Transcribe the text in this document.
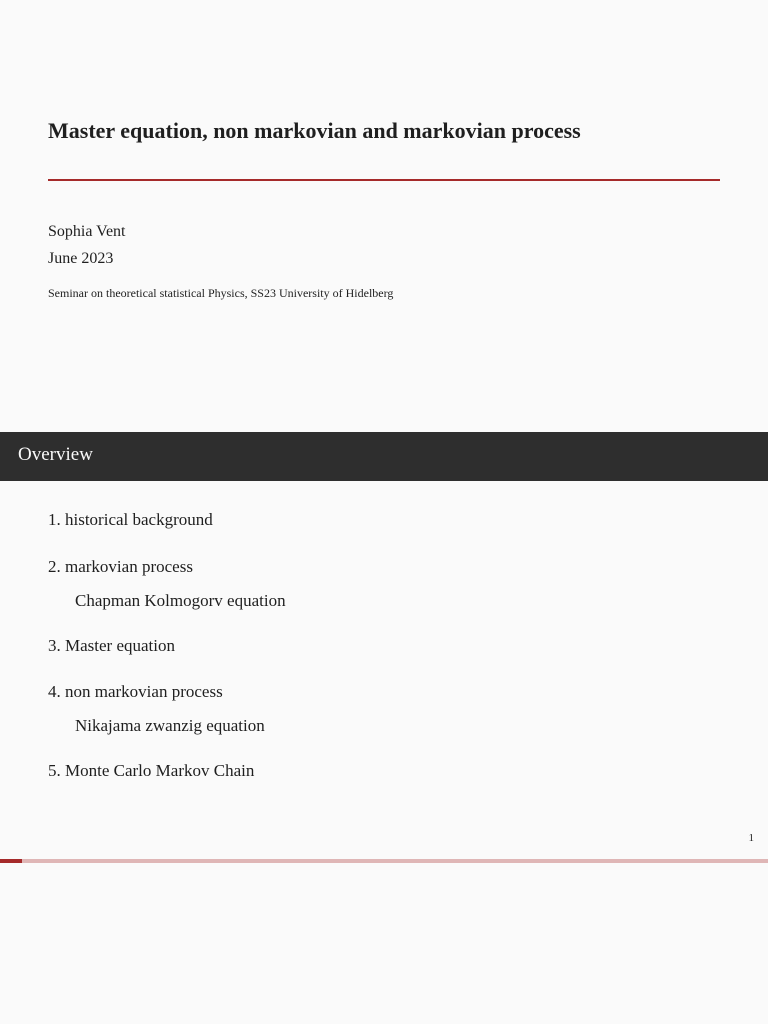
Master equation, non markovian and markovian process
Sophia Vent
June 2023
Seminar on theoretical statistical Physics, SS23 University of Hidelberg
Overview
1. historical background
2. markovian process
Chapman Kolmogorv equation
3. Master equation
4. non markovian process
Nikajama zwanzig equation
5. Monte Carlo Markov Chain
1
